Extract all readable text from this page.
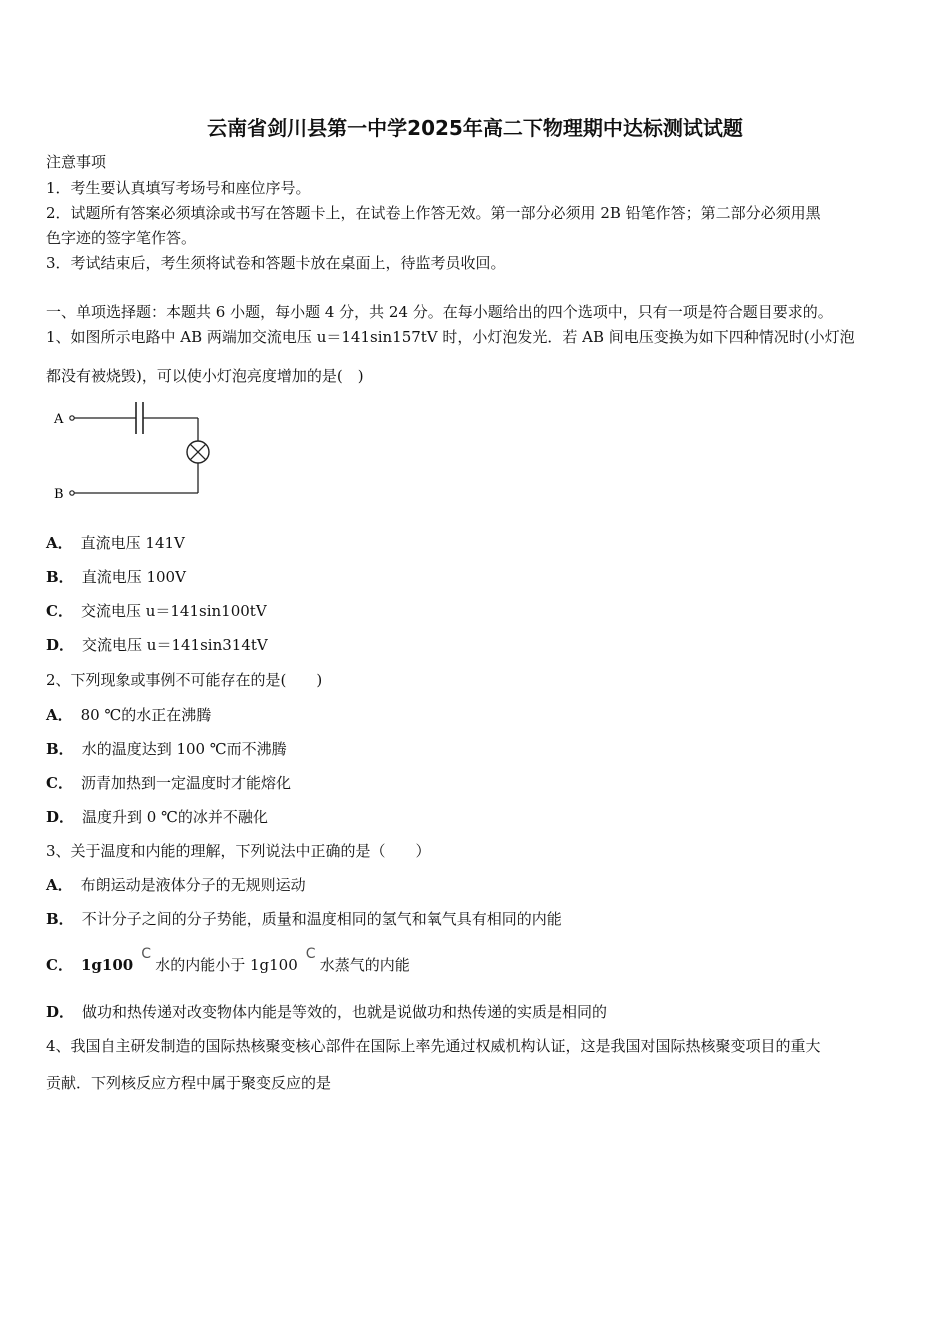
云南省剑川县第一中学2025年高二下物理期中达标测试试题
注意事项
1．考生要认真填写考场号和座位序号。
2．试题所有答案必须填涂或书写在答题卡上，在试卷上作答无效。第一部分必须用 2B 铅笔作答；第二部分必须用黑
色字迹的签字笔作答。
3．考试结束后，考生须将试卷和答题卡放在桌面上，待监考员收回。
一、单项选择题：本题共 6 小题，每小题 4 分，共 24 分。在每小题给出的四个选项中，只有一项是符合题目要求的。
1、如图所示电路中 AB 两端加交流电压 u＝141sin157tV 时，小灯泡发光．若 AB 间电压变换为如下四种情况时(小灯泡
都没有被烧毁)，可以使小灯泡亮度增加的是(　)
A
B
A． 直流电压 141V
B． 直流电压 100V
C． 交流电压 u＝141sin100tV
D． 交流电压 u＝141sin314tV
2、下列现象或事例不可能存在的是(　　)
A． 80 ℃的水正在沸腾
B． 水的温度达到 100 ℃而不沸腾
C． 沥青加热到一定温度时才能熔化
D． 温度升到 0 ℃的冰并不融化
3、关于温度和内能的理解，下列说法中正确的是（　　）
A． 布朗运动是液体分子的无规则运动
B． 不计分子之间的分子势能，质量和温度相同的氢气和氧气具有相同的内能
C． 1g100
C
水的内能小于 1g100
C
水蒸气的内能
D． 做功和热传递对改变物体内能是等效的，也就是说做功和热传递的实质是相同的
4、我国自主研发制造的国际热核聚变核心部件在国际上率先通过权威机构认证，这是我国对国际热核聚变项目的重大
贡献．下列核反应方程中属于聚变反应的是
